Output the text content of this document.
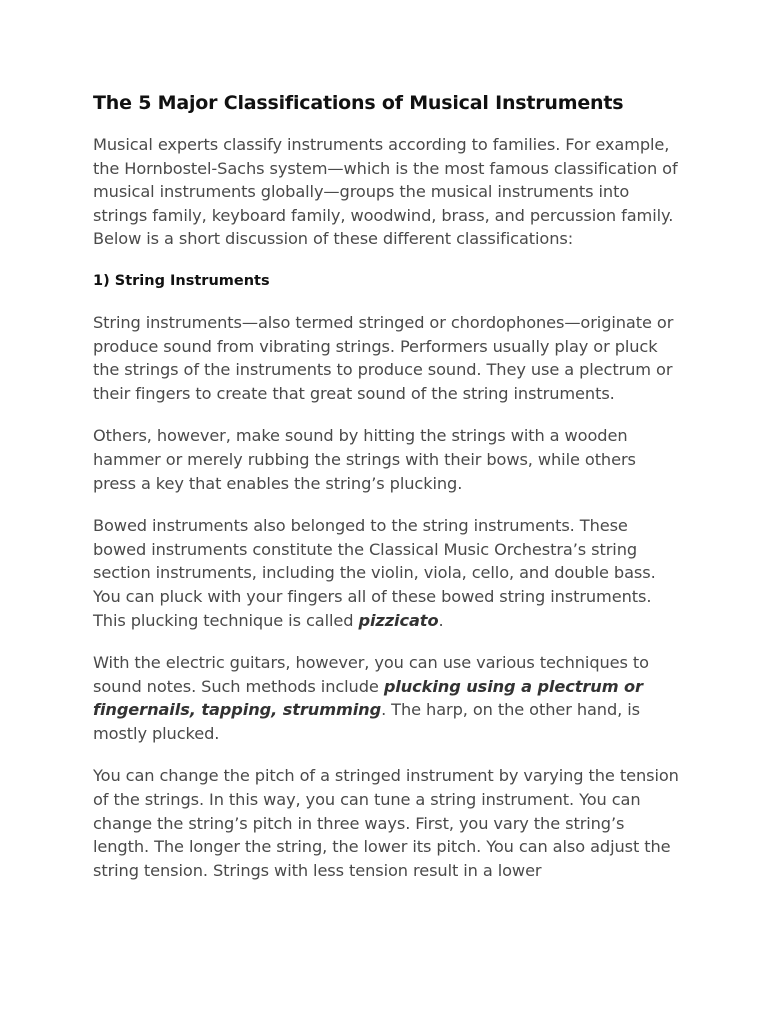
The 5 Major Classifications of Musical Instruments

Musical experts classify instruments according to families. For example, the Hornbostel-Sachs system—which is the most famous classification of musical instruments globally—groups the musical instruments into strings family, keyboard family, woodwind, brass, and percussion family. Below is a short discussion of these different classifications:

1) String Instruments

String instruments—also termed stringed or chordophones—originate or produce sound from vibrating strings. Performers usually play or pluck the strings of the instruments to produce sound. They use a plectrum or their fingers to create that great sound of the string instruments.

Others, however, make sound by hitting the strings with a wooden hammer or merely rubbing the strings with their bows, while others press a key that enables the string’s plucking.

Bowed instruments also belonged to the string instruments. These bowed instruments constitute the Classical Music Orchestra’s string section instruments, including the violin, viola, cello, and double bass. You can pluck with your fingers all of these bowed string instruments. This plucking technique is called pizzicato.

With the electric guitars, however, you can use various techniques to sound notes. Such methods include plucking using a plectrum or fingernails, tapping, strumming. The harp, on the other hand, is mostly plucked.

You can change the pitch of a stringed instrument by varying the tension of the strings. In this way, you can tune a string instrument. You can change the string’s pitch in three ways. First, you vary the string’s length. The longer the string, the lower its pitch. You can also adjust the string tension. Strings with less tension result in a lower
